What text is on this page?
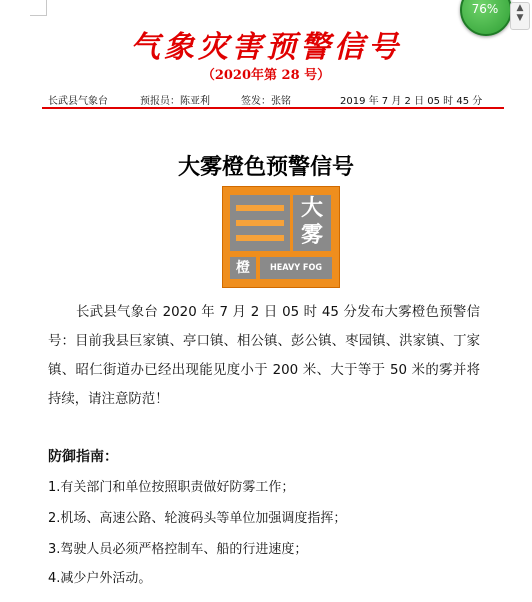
76%	▲
▼
气象灾害预警信号
（2020年第 28 号）
长武县气象台	预报员：陈亚利	签发：张铭	2019 年 7 月 2 日 05 时 45 分
大雾橙色预警信号
大
雾
橙	HEAVY FOG
长武县气象台 2020 年 7 月 2 日 05 时 45 分发布大雾橙色预警信号：目前我县巨家镇、亭口镇、相公镇、彭公镇、枣园镇、洪家镇、丁家镇、昭仁街道办已经出现能见度小于 200 米、大于等于 50 米的雾并将持续，请注意防范！
防御指南：
1.有关部门和单位按照职责做好防雾工作；
2.机场、高速公路、轮渡码头等单位加强调度指挥；
3.驾驶人员必须严格控制车、船的行进速度；
4.减少户外活动。
